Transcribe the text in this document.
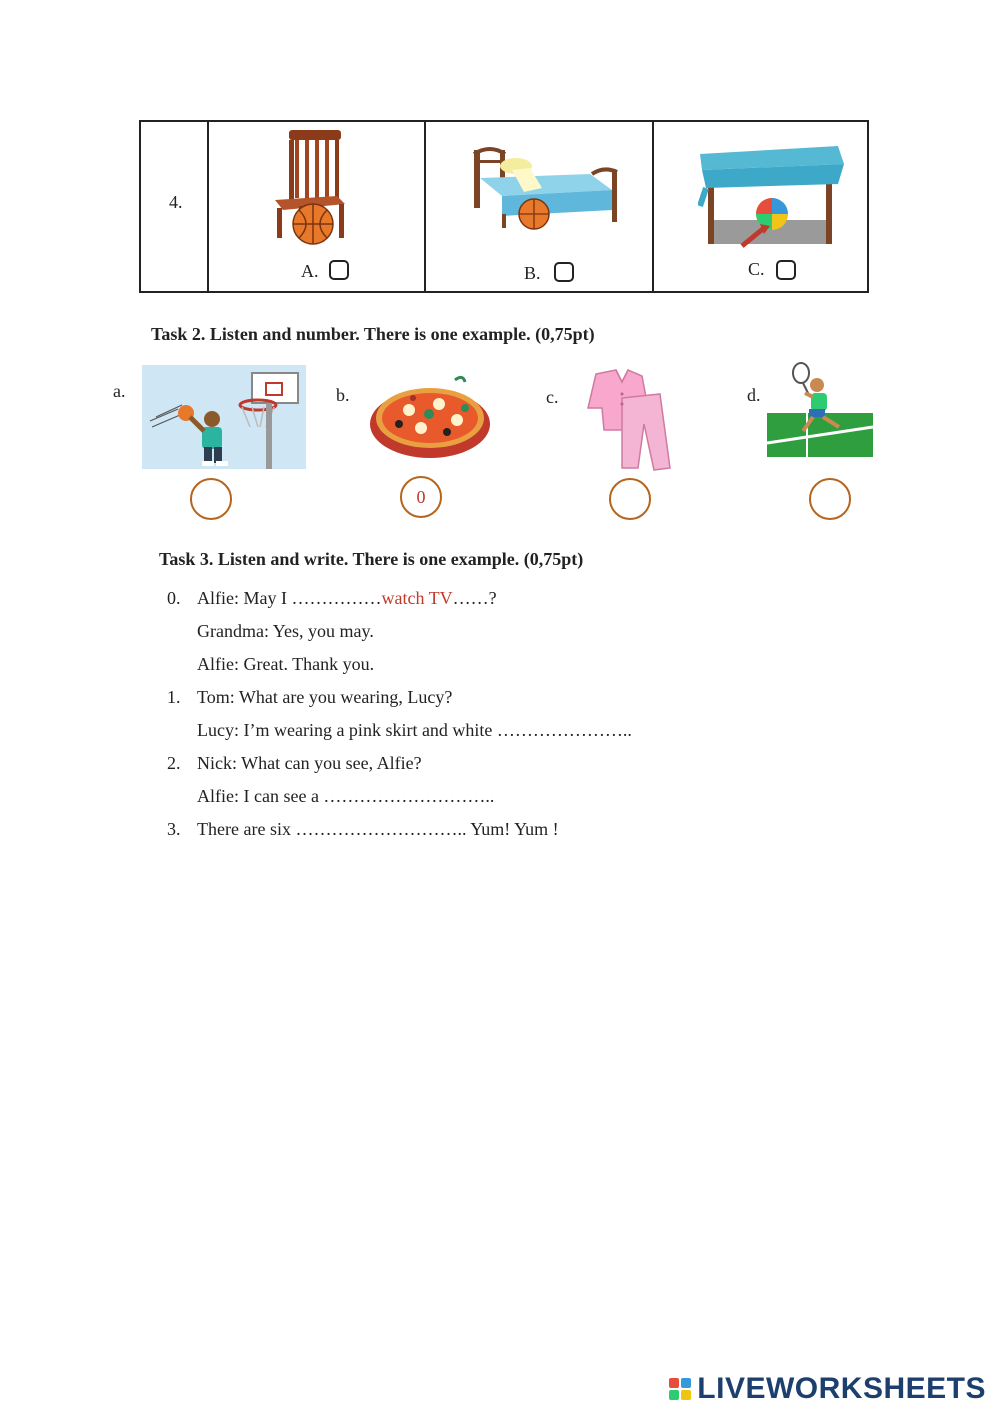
4.
A.	B.	C.
Task 2. Listen and number. There is one example. (0,75pt)
a.	b.
0
c.	d.
Task 3. Listen and write. There is one example. (0,75pt)
0. Alfie: May I ……………watch TV……?
Grandma: Yes, you may.
Alfie: Great. Thank you.
1. Tom: What are you wearing, Lucy?
Lucy: I’m wearing a pink skirt and white …………………..
2. Nick: What can you see, Alfie?
Alfie: I can see a ………………………..
3. There are six ……………………….. Yum! Yum !
LIVEWORKSHEETS
